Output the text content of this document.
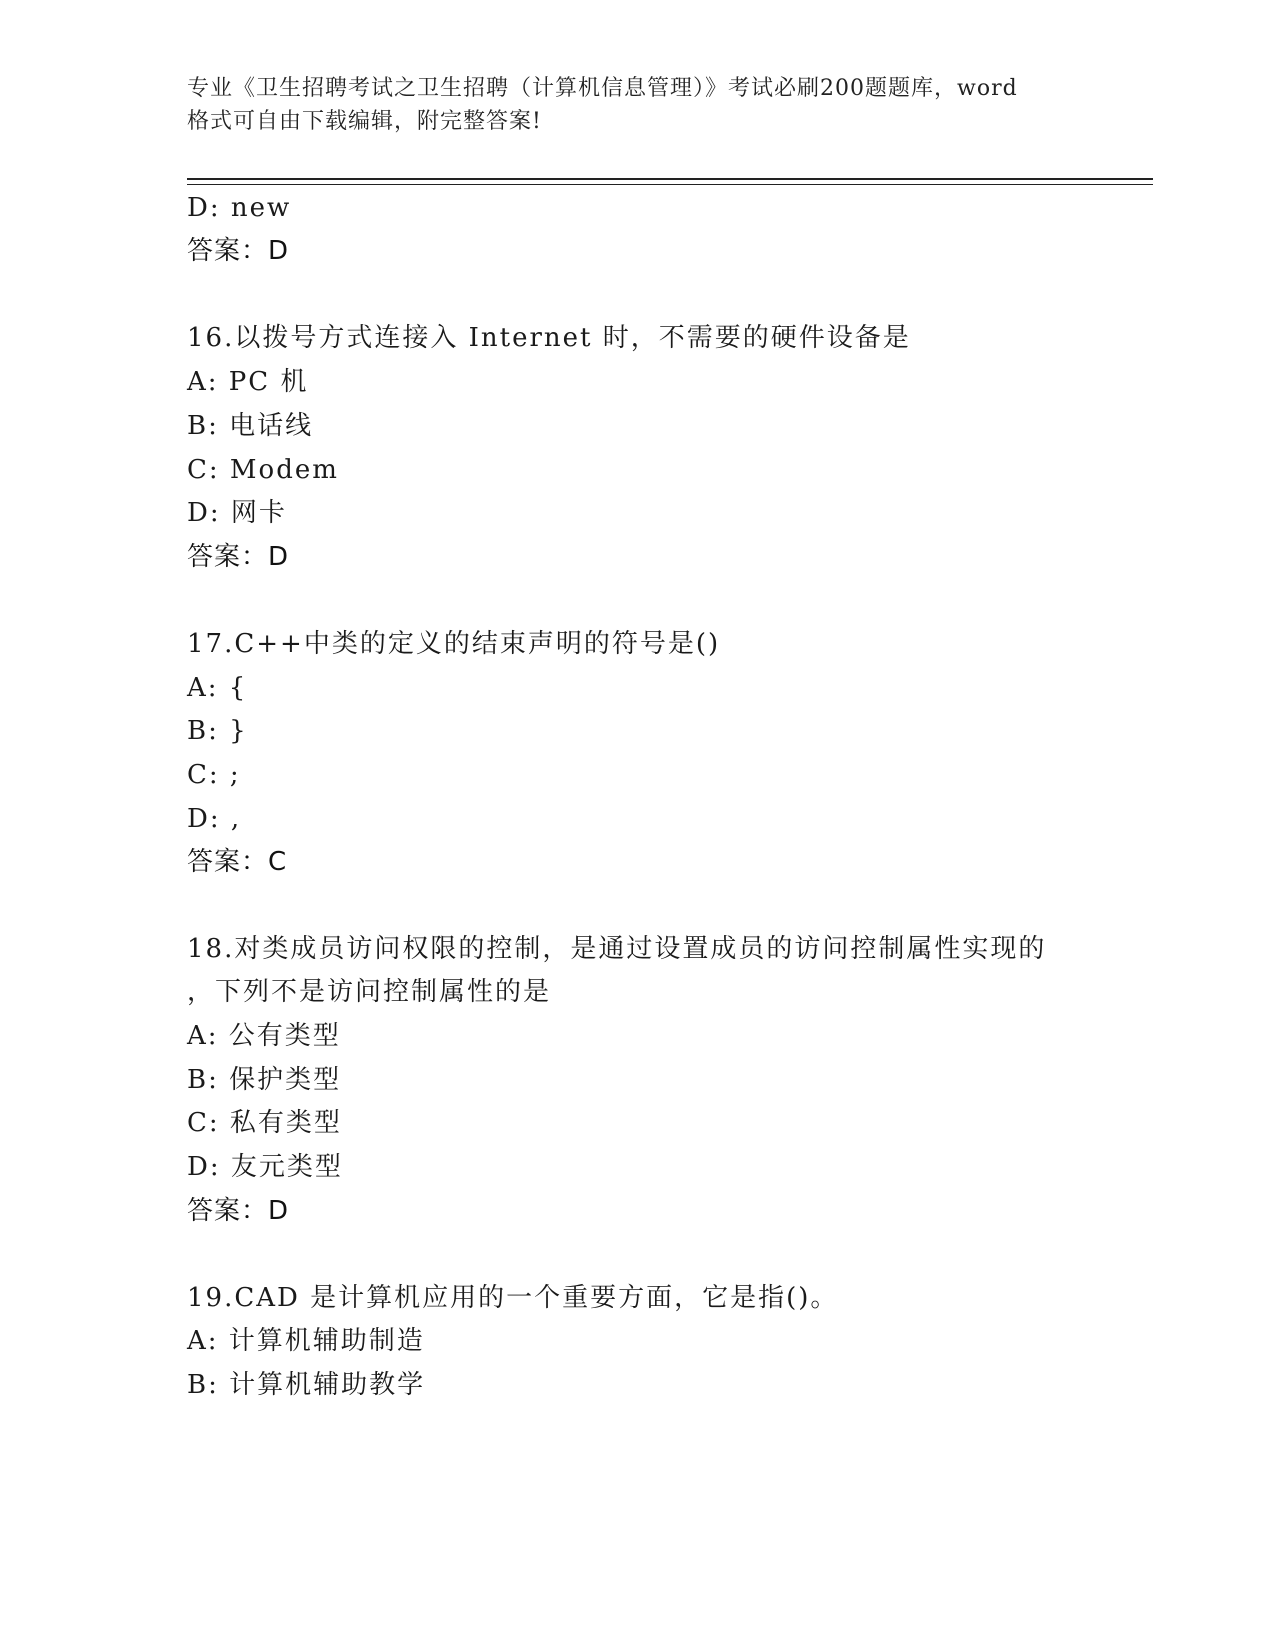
专业《卫生招聘考试之卫生招聘（计算机信息管理）》考试必刷200题题库，word
格式可自由下载编辑，附完整答案!
D: new
答案：D
16.以拨号方式连接入 Internet 时，不需要的硬件设备是
A: PC 机
B: 电话线
C: Modem
D: 网卡
答案：D
17.C++中类的定义的结束声明的符号是()
A: {
B: }
C: ;
D: ,
答案：C
18.对类成员访问权限的控制，是通过设置成员的访问控制属性实现的
，下列不是访问控制属性的是
A: 公有类型
B: 保护类型
C: 私有类型
D: 友元类型
答案：D
19.CAD 是计算机应用的一个重要方面，它是指()。
A: 计算机辅助制造
B: 计算机辅助教学
